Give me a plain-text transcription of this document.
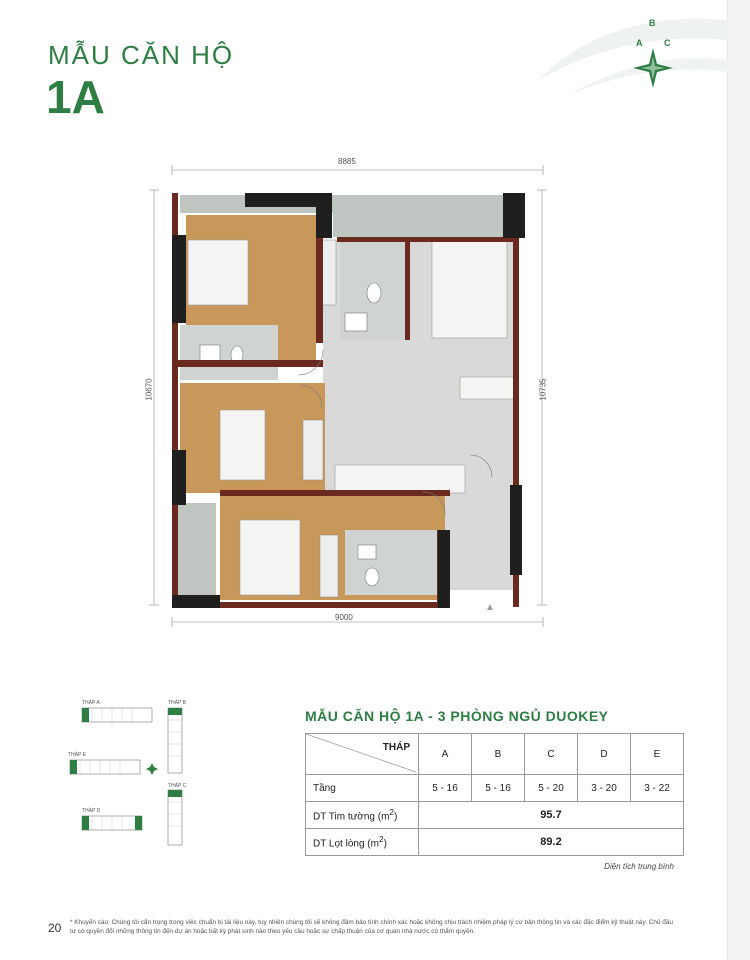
MẪU CĂN HỘ
1A
B
A C
8885
9000
10670	10735
THÁP A	THÁP B
THÁP E
THÁP C
THÁP D
MẪU CĂN HỘ 1A - 3 PHÒNG NGỦ DUOKEY
THÁP	A	B	C	D	E
Tầng	5 - 16	5 - 16	5 - 20	3 - 20	3 - 22
DT Tim tường $(m^2)$	95.7				
DT Lọt lòng $(m^2)$	89.2				
Diện tích trung bình
20 * Khuyến cáo: Chúng tôi cẩn trọng trong việc chuẩn bị tài liệu này, tuy nhiên chúng tôi sẽ không đảm bảo tính chính xác hoặc không chịu trách nhiệm pháp lý cơ bản thông tin và các đặc điểm kỹ thuật này. Chủ đầu tư có quyền đổi những thông tin đến dự án hoặc bất kỳ phát sinh nào theo yêu cầu hoặc sự chấp thuận của cơ quan nhà nước có thẩm quyền.
